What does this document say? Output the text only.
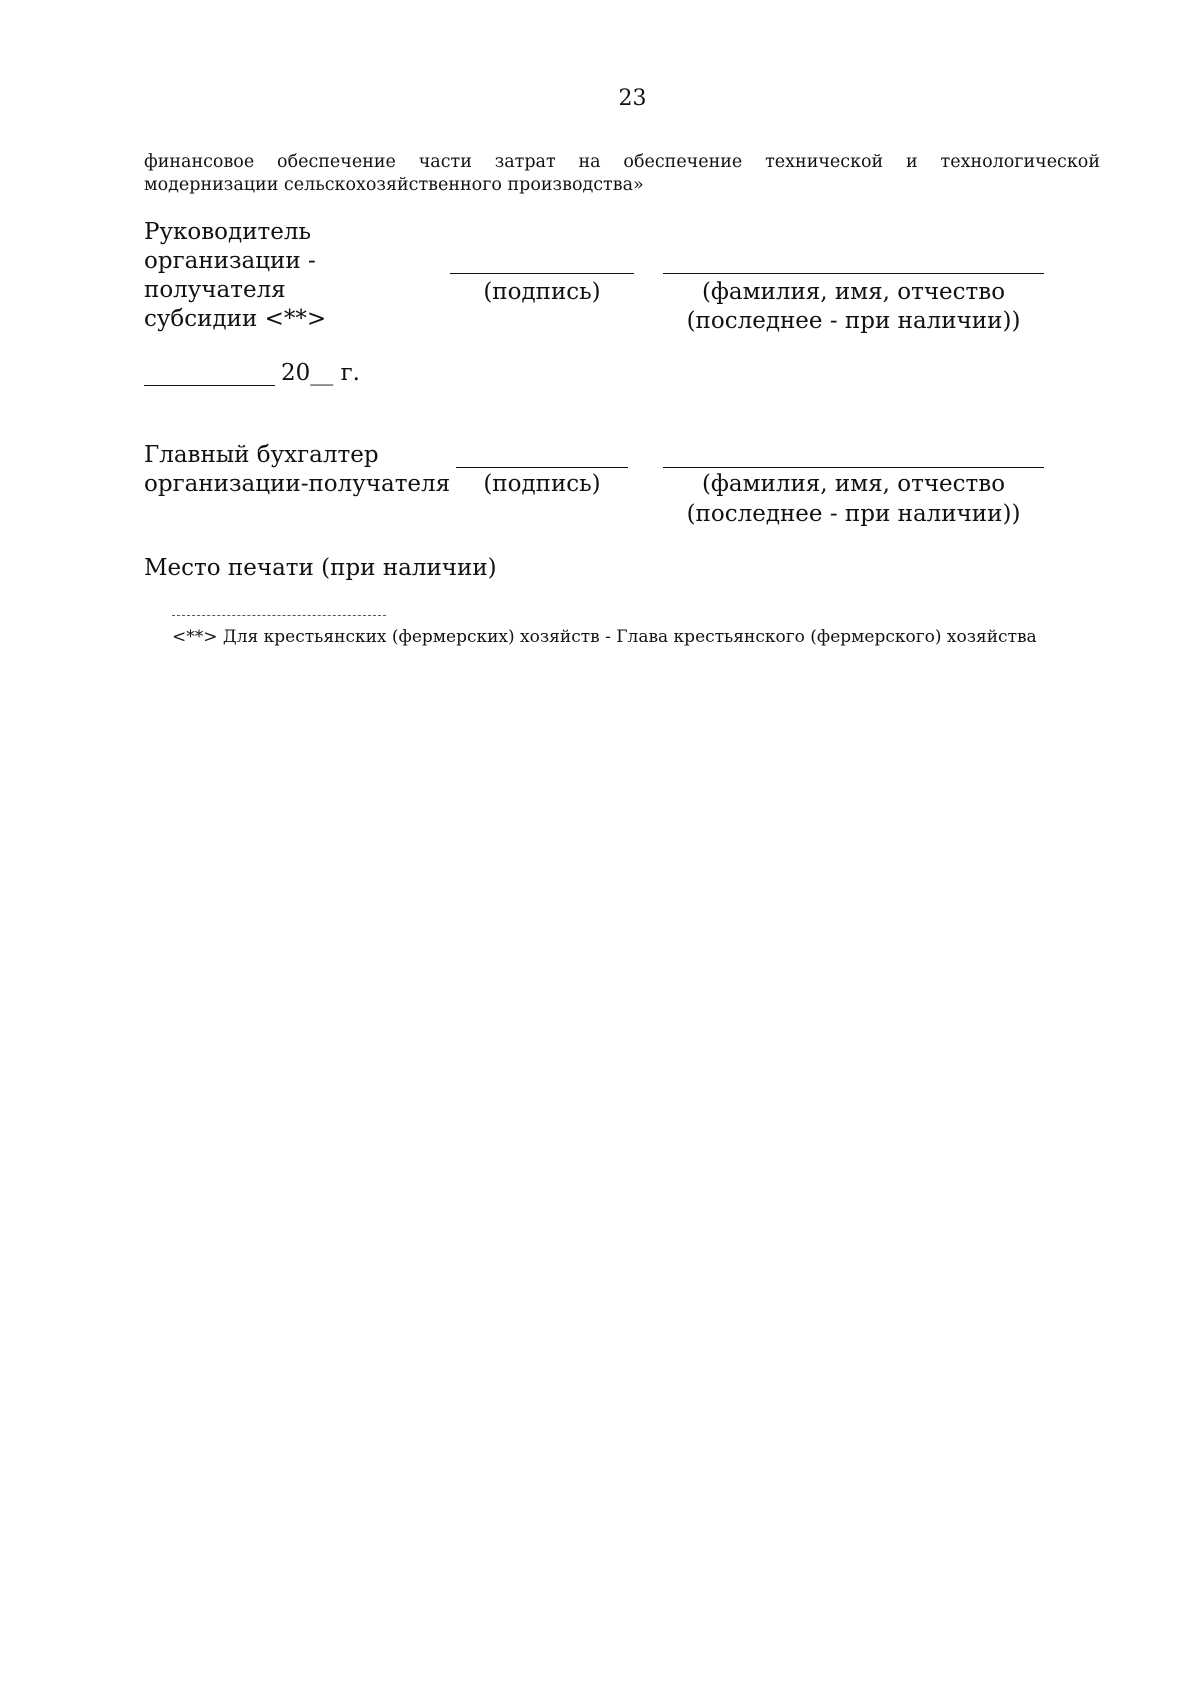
23
финансовое обеспечение части затрат на обеспечение технической и технологической модернизации сельскохозяйственного производства»
Руководитель
организации -
получателя
субсидии <**>
(подпись)	(фамилия, имя, отчество
(последнее - при наличии))
20__ г.
Главный бухгалтер
организации-получателя	(подпись)	(фамилия, имя, отчество
(последнее - при наличии))
Место печати (при наличии)
<**> Для крестьянских (фермерских) хозяйств - Глава крестьянского (фермерского) хозяйства
